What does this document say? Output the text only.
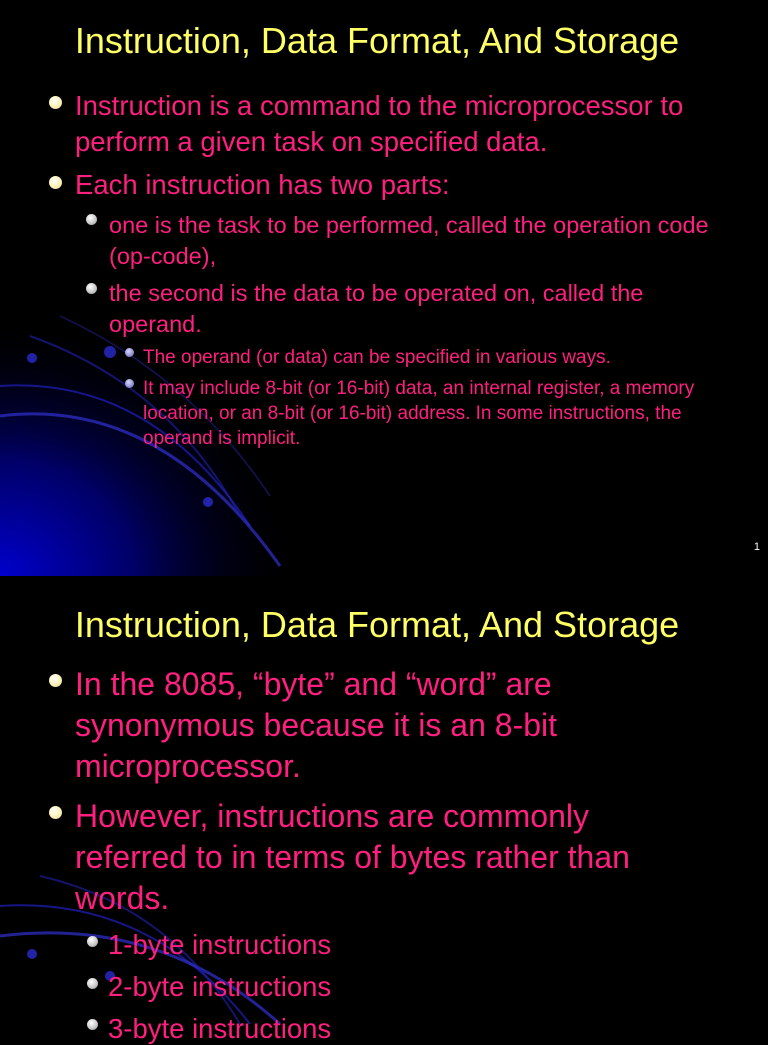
Instruction, Data Format, And Storage

Instruction is a command to the microprocessor to perform a given task on specified data.

Each instruction has two parts:

one is the task to be performed, called the operation code (op-code),

the second is the data to be operated on, called the operand.

The operand (or data) can be specified in various ways.

It may include 8-bit (or 16-bit) data, an internal register, a memory location, or an 8-bit (or 16-bit) address. In some instructions, the operand is implicit.

1
Instruction, Data Format, And Storage

In the 8085, “byte” and “word” are synonymous because it is an 8-bit microprocessor.

However, instructions are commonly referred to in terms of bytes rather than words.

1-byte instructions

2-byte instructions

3-byte instructions
